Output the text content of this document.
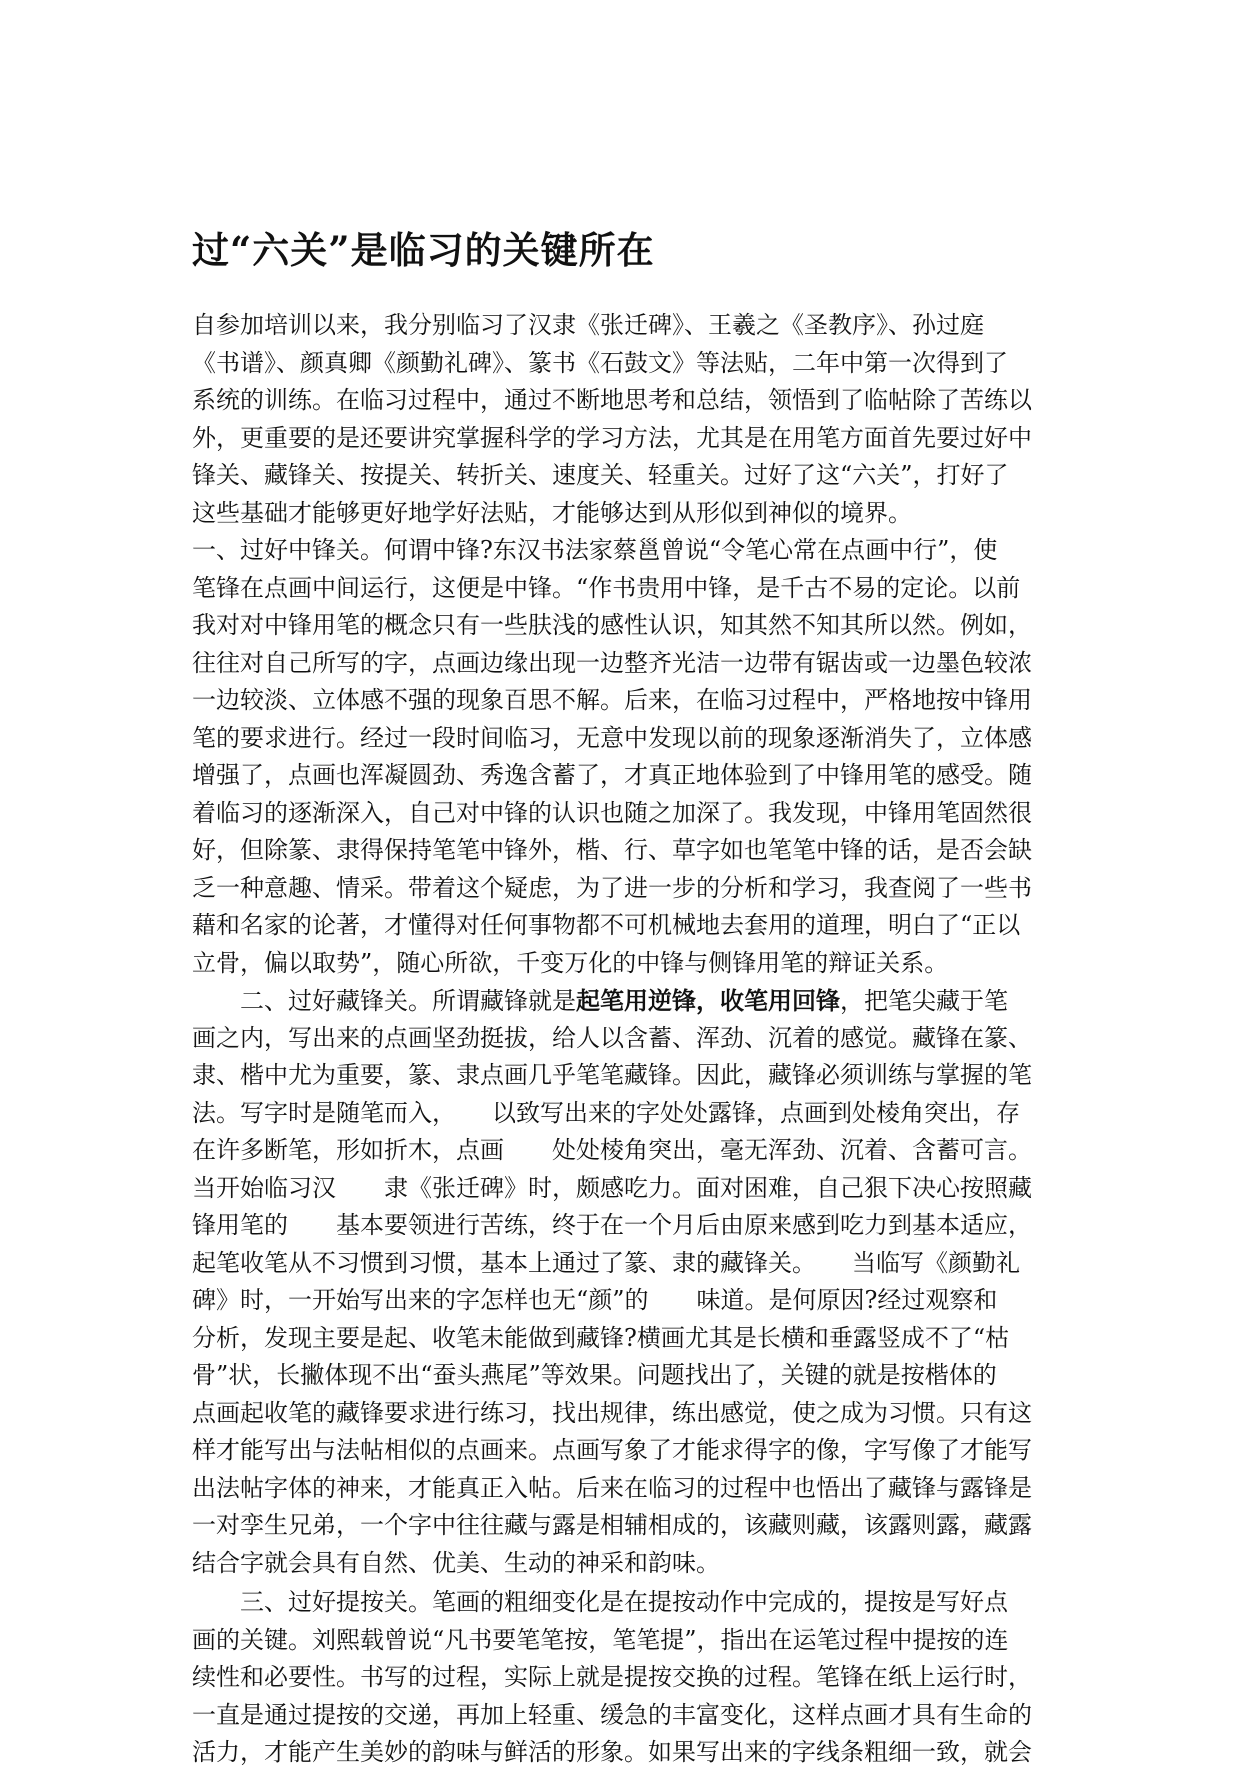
过“六关”是临习的关键所在
自参加培训以来，我分别临习了汉隶《张迁碑》、王羲之《圣教序》、孙过庭
《书谱》、颜真卿《颜勤礼碑》、篆书《石鼓文》等法贴，二年中第一次得到了
系统的训练。在临习过程中，通过不断地思考和总结，领悟到了临帖除了苦练以
外，更重要的是还要讲究掌握科学的学习方法，尤其是在用笔方面首先要过好中
锋关、藏锋关、按提关、转折关、速度关、轻重关。过好了这“六关”，打好了
这些基础才能够更好地学好法贴，才能够达到从形似到神似的境界。
一、过好中锋关。何谓中锋?东汉书法家蔡邕曾说“令笔心常在点画中行”，使
笔锋在点画中间运行，这便是中锋。“作书贵用中锋，是千古不易的定论。以前
我对对中锋用笔的概念只有一些肤浅的感性认识，知其然不知其所以然。例如，
往往对自己所写的字，点画边缘出现一边整齐光洁一边带有锯齿或一边墨色较浓
一边较淡、立体感不强的现象百思不解。后来，在临习过程中，严格地按中锋用
笔的要求进行。经过一段时间临习，无意中发现以前的现象逐渐消失了，立体感
增强了，点画也浑凝圆劲、秀逸含蓄了，才真正地体验到了中锋用笔的感受。随
着临习的逐渐深入，自己对中锋的认识也随之加深了。我发现，中锋用笔固然很
好，但除篆、隶得保持笔笔中锋外，楷、行、草字如也笔笔中锋的话，是否会缺
乏一种意趣、情采。带着这个疑虑，为了进一步的分析和学习，我查阅了一些书
藉和名家的论著，才懂得对任何事物都不可机械地去套用的道理，明白了“正以
立骨，偏以取势”，随心所欲，千变万化的中锋与侧锋用笔的辩证关系。
　　二、过好藏锋关。所谓藏锋就是起笔用逆锋，收笔用回锋，把笔尖藏于笔
画之内，写出来的点画坚劲挺拔，给人以含蓄、浑劲、沉着的感觉。藏锋在篆、
隶、楷中尤为重要，篆、隶点画几乎笔笔藏锋。因此，藏锋必须训练与掌握的笔
法。写字时是随笔而入，　　以致写出来的字处处露锋，点画到处棱角突出，存
在许多断笔，形如折木，点画　　处处棱角突出，毫无浑劲、沉着、含蓄可言。
当开始临习汉　　隶《张迁碑》时，颇感吃力。面对困难，自己狠下决心按照藏
锋用笔的　　基本要领进行苦练，终于在一个月后由原来感到吃力到基本适应，
起笔收笔从不习惯到习惯，基本上通过了篆、隶的藏锋关。　　当临写《颜勤礼
碑》时，一开始写出来的字怎样也无“颜”的　　味道。是何原因?经过观察和
分析，发现主要是起、收笔未能做到藏锋?横画尤其是长横和垂露竖成不了“枯
骨”状，长撇体现不出“蚕头燕尾”等效果。问题找出了，关键的就是按楷体的
点画起收笔的藏锋要求进行练习，找出规律，练出感觉，使之成为习惯。只有这
样才能写出与法帖相似的点画来。点画写象了才能求得字的像，字写像了才能写
出法帖字体的神来，才能真正入帖。后来在临习的过程中也悟出了藏锋与露锋是
一对孪生兄弟，一个字中往往藏与露是相辅相成的，该藏则藏，该露则露，藏露
结合字就会具有自然、优美、生动的神采和韵味。
　　三、过好提按关。笔画的粗细变化是在提按动作中完成的，提按是写好点
画的关键。刘熙载曾说“凡书要笔笔按，笔笔提”，指出在运笔过程中提按的连
续性和必要性。书写的过程，实际上就是提按交换的过程。笔锋在纸上运行时，
一直是通过提按的交递，再加上轻重、缓急的丰富变化，这样点画才具有生命的
活力，才能产生美妙的韵味与鲜活的形象。如果写出来的字线条粗细一致，就会
